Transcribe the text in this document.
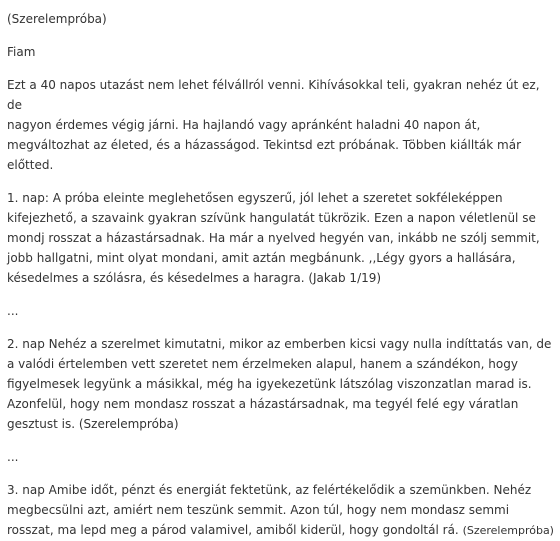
(Szerelempróba)

Fiam

Ezt a 40 napos utazást nem lehet félvállról venni. Kihívásokkal teli, gyakran nehéz út ez, de
nagyon érdemes végig járni. Ha hajlandó vagy apránként haladni 40 napon át,
megváltozhat az életed, és a házasságod. Tekintsd ezt próbának. Többen kiállták már
előtted.

1. nap: A próba eleinte meglehetősen egyszerű, jól lehet a szeretet sokféleképpen
kifejezhető, a szavaink gyakran szívünk hangulatát tükrözik. Ezen a napon véletlenül se
mondj rosszat a házastársadnak. Ha már a nyelved hegyén van, inkább ne szólj semmit,
jobb hallgatni, mint olyat mondani, amit aztán megbánunk. ,,Légy gyors a hallására,
késedelmes a szólásra, és késedelmes a haragra. (Jakab 1/19)

...

2. nap Nehéz a szerelmet kimutatni, mikor az emberben kicsi vagy nulla indíttatás van, de
a valódi értelemben vett szeretet nem érzelmeken alapul, hanem a szándékon, hogy
figyelmesek legyünk a másikkal, még ha igyekezetünk látszólag viszonzatlan marad is.
Azonfelül, hogy nem mondasz rosszat a házastársadnak, ma tegyél felé egy váratlan
gesztust is. (Szerelempróba)

...

3. nap Amibe időt, pénzt és energiát fektetünk, az felértékelődik a szemünkben. Nehéz
megbecsülni azt, amiért nem teszünk semmit. Azon túl, hogy nem mondasz semmi
rosszat, ma lepd meg a párod valamivel, amiből kiderül, hogy gondoltál rá. (Szerelempróba)
